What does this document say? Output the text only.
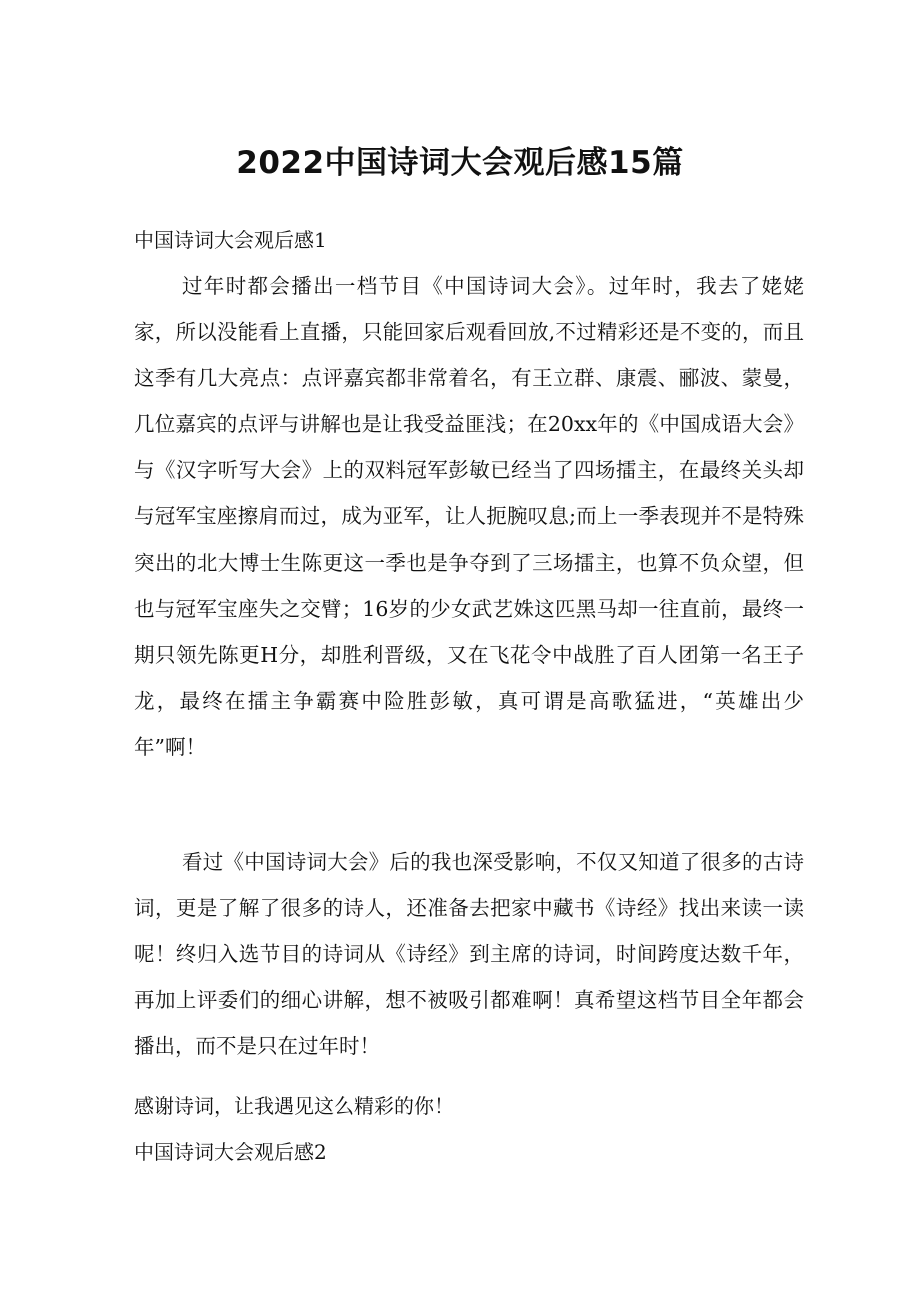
2022中国诗词大会观后感15篇

中国诗词大会观后感1

过年时都会播出一档节目《中国诗词大会》。过年时，我去了姥姥家，所以没能看上直播，只能回家后观看回放,不过精彩还是不变的，而且这季有几大亮点：点评嘉宾都非常着名，有王立群、康震、郦波、蒙曼，几位嘉宾的点评与讲解也是让我受益匪浅；在20xx年的《中国成语大会》与《汉字听写大会》上的双料冠军彭敏已经当了四场擂主，在最终关头却与冠军宝座擦肩而过，成为亚军，让人扼腕叹息;而上一季表现并不是特殊突出的北大博士生陈更这一季也是争夺到了三场擂主，也算不负众望，但也与冠军宝座失之交臂；16岁的少女武艺姝这匹黑马却一往直前，最终一期只领先陈更H分，却胜利晋级，又在飞花令中战胜了百人团第一名王子龙，最终在擂主争霸赛中险胜彭敏，真可谓是高歌猛进，“英雄出少年”啊！

看过《中国诗词大会》后的我也深受影响，不仅又知道了很多的古诗词，更是了解了很多的诗人，还准备去把家中藏书《诗经》找出来读一读呢！终归入选节目的诗词从《诗经》到主席的诗词，时间跨度达数千年，再加上评委们的细心讲解，想不被吸引都难啊！真希望这档节目全年都会播出，而不是只在过年时！

感谢诗词，让我遇见这么精彩的你！

中国诗词大会观后感2
